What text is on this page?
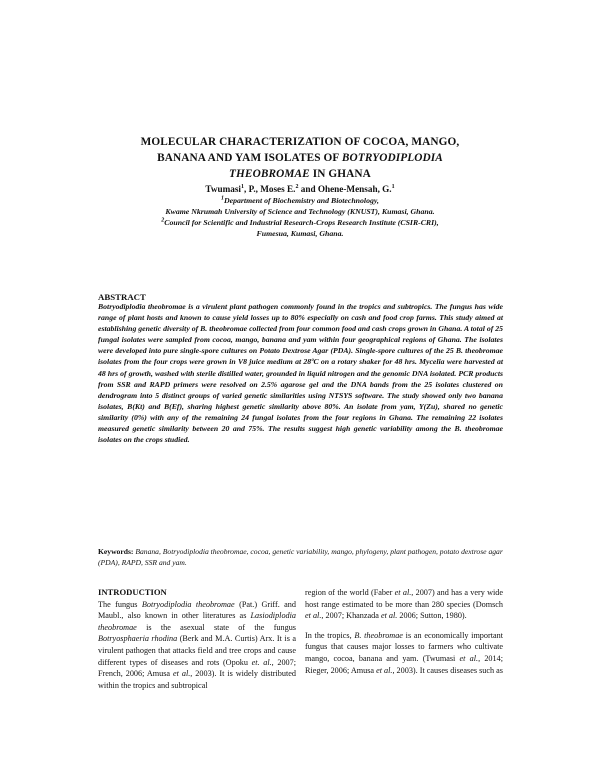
MOLECULAR CHARACTERIZATION OF COCOA, MANGO,
BANANA AND YAM ISOLATES OF BOTRYODIPLODIA
THEOBROMAE IN GHANA
Twumasi$^1$, P., Moses E.$^2$ and Ohene-Mensah, G.$^1$
$^1$Department of Biochemistry and Biotechnology,
Kwame Nkrumah University of Science and Technology (KNUST), Kumasi, Ghana.
$^2$Council for Scientific and Industrial Research-Crops Research Institute (CSIR-CRI),
Fumesua, Kumasi, Ghana.
ABSTRACT
Botryodiplodia theobromae is a virulent plant pathogen commonly found in the tropics and subtropics. The fungus has wide range of plant hosts and known to cause yield losses up to 80% especially on cash and food crop farms. This study aimed at establishing genetic diversity of B. theobromae collected from four common food and cash crops grown in Ghana. A total of 25 fungal isolates were sampled from cocoa, mango, banana and yam within four geographical regions of Ghana. The isolates were developed into pure single-spore cultures on Potato Dextrose Agar (PDA). Single-spore cultures of the 25 B. theobromae isolates from the four crops were grown in V8 juice medium at 28ºC on a rotary shaker for 48 hrs. Mycelia were harvested at 48 hrs of growth, washed with sterile distilled water, grounded in liquid nitrogen and the genomic DNA isolated. PCR products from SSR and RAPD primers were resolved on 2.5% agarose gel and the DNA bands from the 25 isolates clustered on dendrogram into 5 distinct groups of varied genetic similarities using NTSYS software. The study showed only two banana isolates, B(Kt) and B(Ef), sharing highest genetic similarity above 80%. An isolate from yam, Y(Zu), shared no genetic similarity (0%) with any of the remaining 24 fungal isolates from the four regions in Ghana. The remaining 22 isolates measured genetic similarity between 20 and 75%. The results suggest high genetic variability among the B. theobromae isolates on the crops studied.
Keywords: Banana, Botryodiplodia theobromae, cocoa, genetic variability, mango, phylogeny, plant pathogen, potato dextrose agar (PDA), RAPD, SSR and yam.
INTRODUCTION

The fungus Botryodiplodia theobromae (Pat.) Griff. and Maubl., also known in other literatures as Lasiodiplodia theobromae is the asexual state of the fungus Botryosphaeria rhodina (Berk and M.A. Curtis) Arx. It is a virulent pathogen that attacks field and tree crops and cause different types of diseases and rots (Opoku et. al., 2007; French, 2006; Amusa et al., 2003). It is widely distributed within the tropics and subtropical

region of the world (Faber et al., 2007) and has a very wide host range estimated to be more than 280 species (Domsch et al., 2007; Khanzada et al. 2006; Sutton, 1980).

In the tropics, B. theobromae is an economically important fungus that causes major losses to farmers who cultivate mango, cocoa, banana and yam. (Twumasi et al., 2014; Rieger, 2006; Amusa et al., 2003). It causes diseases such as
